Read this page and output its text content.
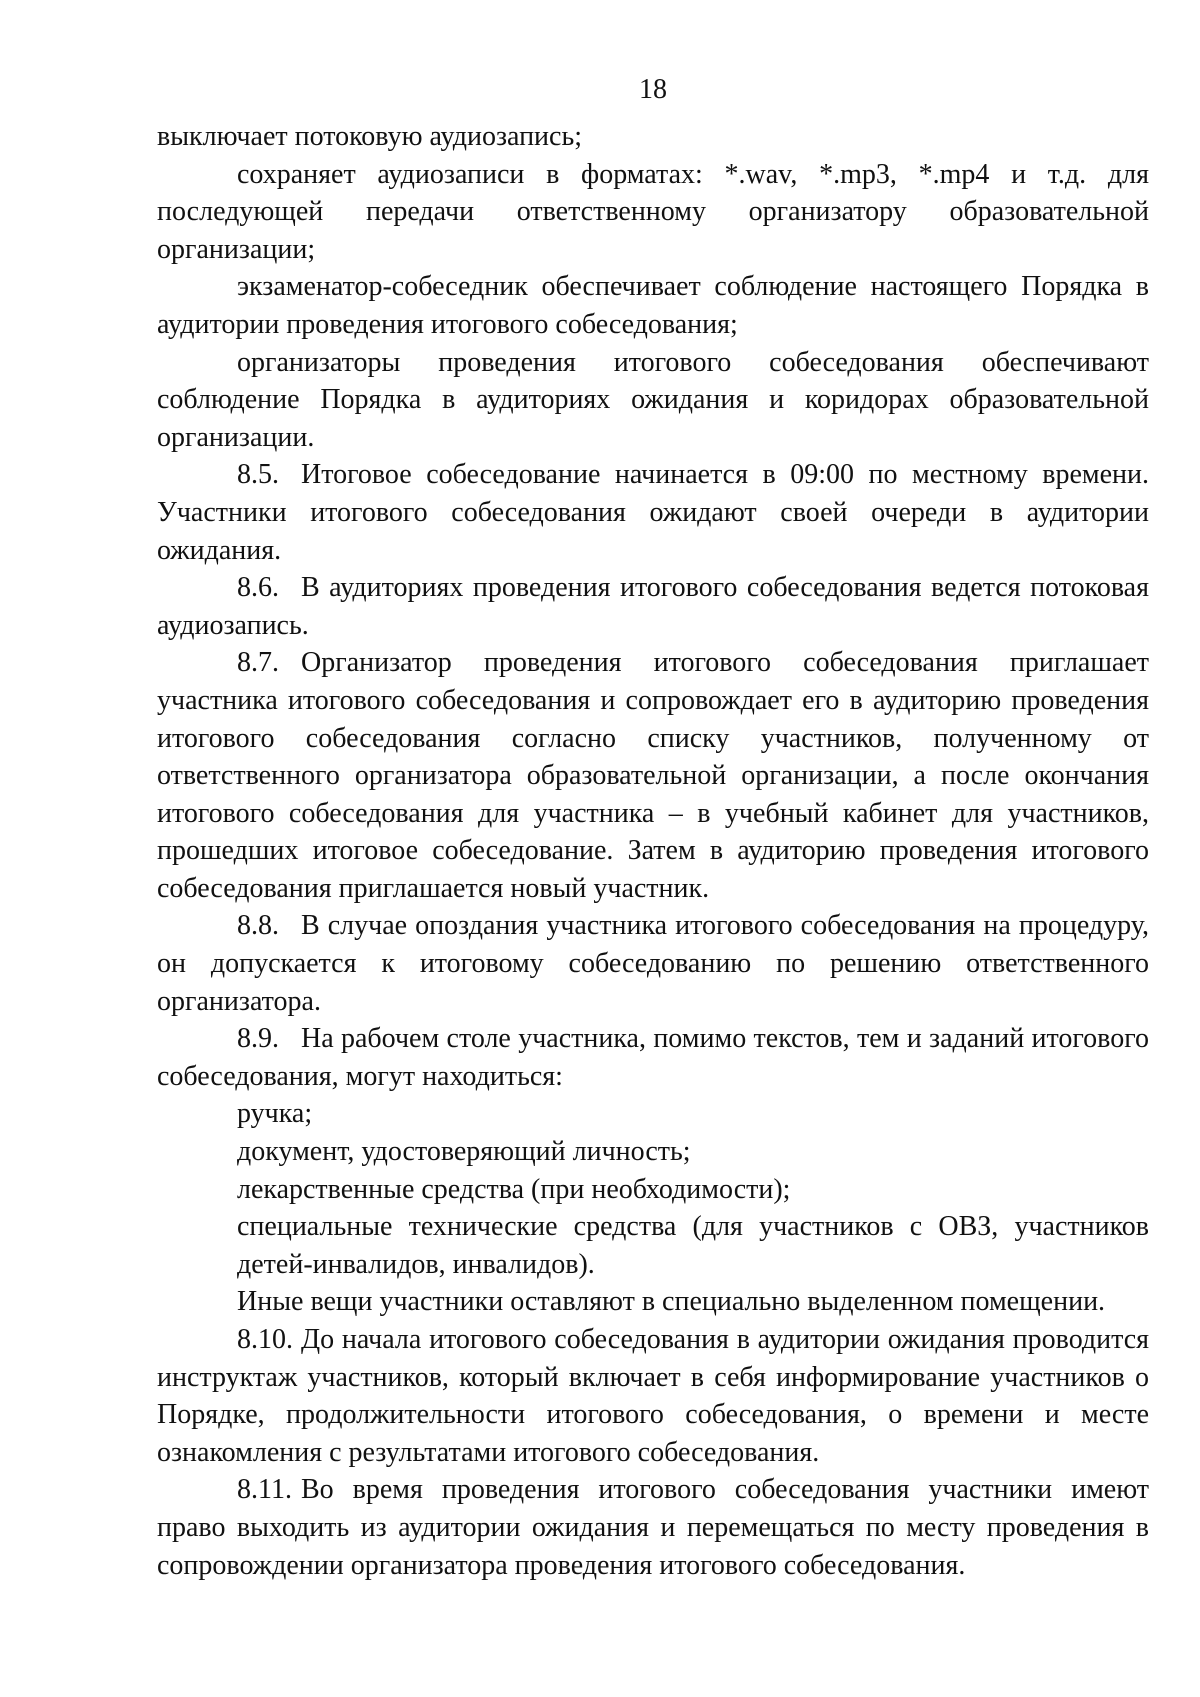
18

выключает потоковую аудиозапись;

сохраняет аудиозаписи в форматах: *.wav, *.mp3, *.mp4 и т.д. для последующей передачи ответственному организатору образовательной организации;

экзаменатор-собеседник обеспечивает соблюдение настоящего Порядка в аудитории проведения итогового собеседования;

организаторы проведения итогового собеседования обеспечивают соблюдение Порядка в аудиториях ожидания и коридорах образовательной организации.

8.5. Итоговое собеседование начинается в 09:00 по местному времени. Участники итогового собеседования ожидают своей очереди в аудитории ожидания.

8.6. В аудиториях проведения итогового собеседования ведется потоковая аудиозапись.

8.7. Организатор проведения итогового собеседования приглашает участника итогового собеседования и сопровождает его в аудиторию проведения итогового собеседования согласно списку участников, полученному от ответственного организатора образовательной организации, а после окончания итогового собеседования для участника – в учебный кабинет для участников, прошедших итоговое собеседование. Затем в аудиторию проведения итогового собеседования приглашается новый участник.

8.8. В случае опоздания участника итогового собеседования на процедуру, он допускается к итоговому собеседованию по решению ответственного организатора.

8.9. На рабочем столе участника, помимо текстов, тем и заданий итогового собеседования, могут находиться:

ручка;

документ, удостоверяющий личность;

лекарственные средства (при необходимости);

специальные технические средства (для участников с ОВЗ, участников детей-инвалидов, инвалидов).

Иные вещи участники оставляют в специально выделенном помещении.

8.10. До начала итогового собеседования в аудитории ожидания проводится инструктаж участников, который включает в себя информирование участников о Порядке, продолжительности итогового собеседования, о времени и месте ознакомления с результатами итогового собеседования.

8.11. Во время проведения итогового собеседования участники имеют право выходить из аудитории ожидания и перемещаться по месту проведения в сопровождении организатора проведения итогового собеседования.
